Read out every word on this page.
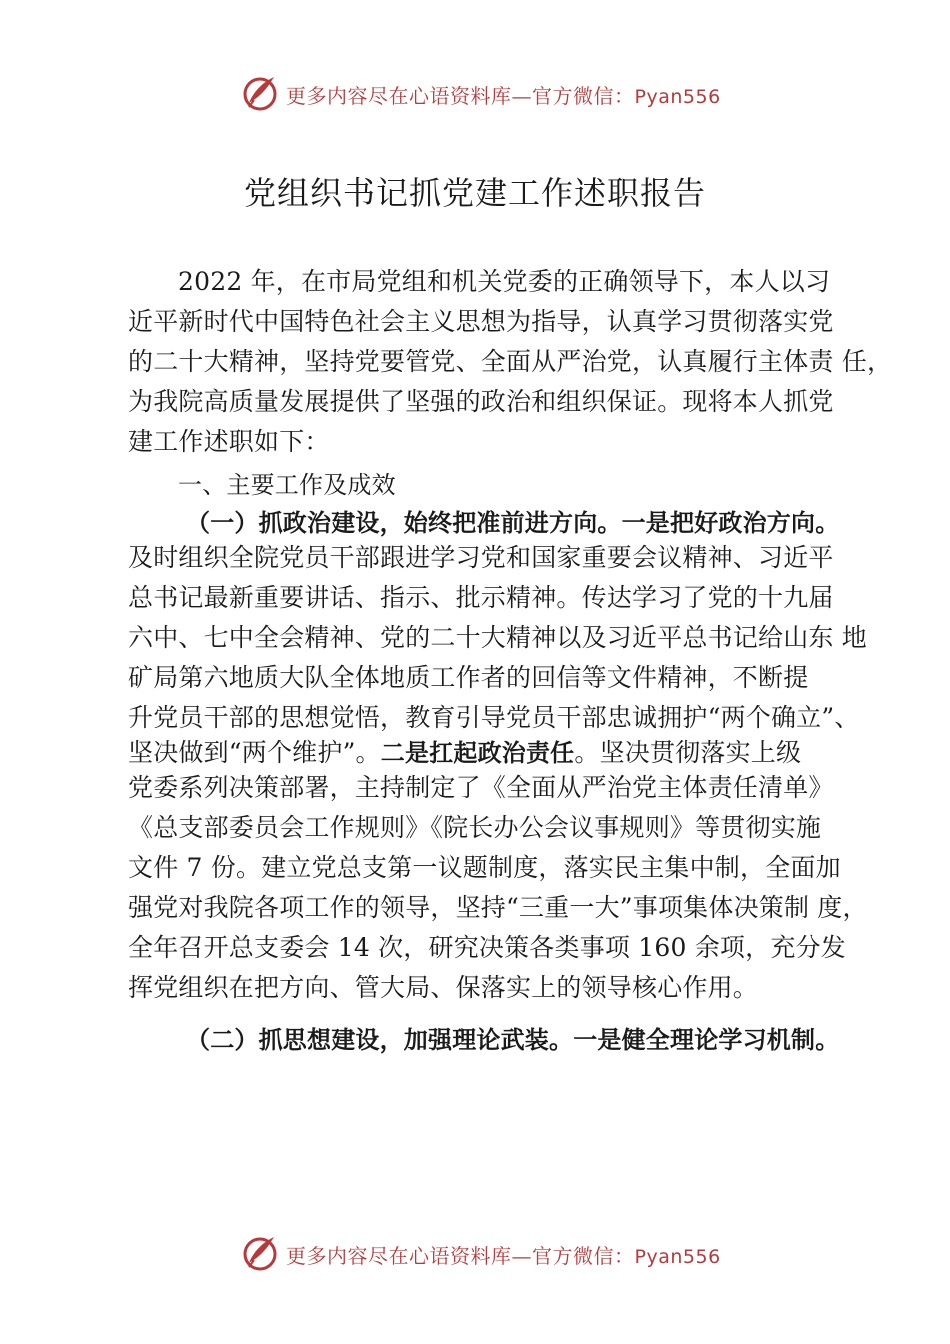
更多内容尽在心语资料库—官方微信：Pyan556
党组织书记抓党建工作述职报告
2022 年，在市局党组和机关党委的正确领导下，本人以习
近平新时代中国特色社会主义思想为指导，认真学习贯彻落实党
的二十大精神，坚持党要管党、全面从严治党，认真履行主体责 任，
为我院高质量发展提供了坚强的政治和组织保证。现将本人抓党
建工作述职如下：
一、主要工作及成效
（一）抓政治建设，始终把准前进方向。一是把好政治方向。
及时组织全院党员干部跟进学习党和国家重要会议精神、习近平
总书记最新重要讲话、指示、批示精神。传达学习了党的十九届
六中、七中全会精神、党的二十大精神以及习近平总书记给山东 地
矿局第六地质大队全体地质工作者的回信等文件精神，不断提
升党员干部的思想觉悟，教育引导党员干部忠诚拥护“两个确立”、
坚决做到“两个维护”。二是扛起政治责任。坚决贯彻落实上级
党委系列决策部署，主持制定了《全面从严治党主体责任清单》
《总支部委员会工作规则》《院长办公会议事规则》等贯彻实施
文件 7 份。建立党总支第一议题制度，落实民主集中制，全面加
强党对我院各项工作的领导，坚持“三重一大”事项集体决策制 度，
全年召开总支委会 14 次，研究决策各类事项 160 余项，充分发
挥党组织在把方向、管大局、保落实上的领导核心作用。
（二）抓思想建设，加强理论武装。一是健全理论学习机制。
更多内容尽在心语资料库—官方微信：Pyan556
